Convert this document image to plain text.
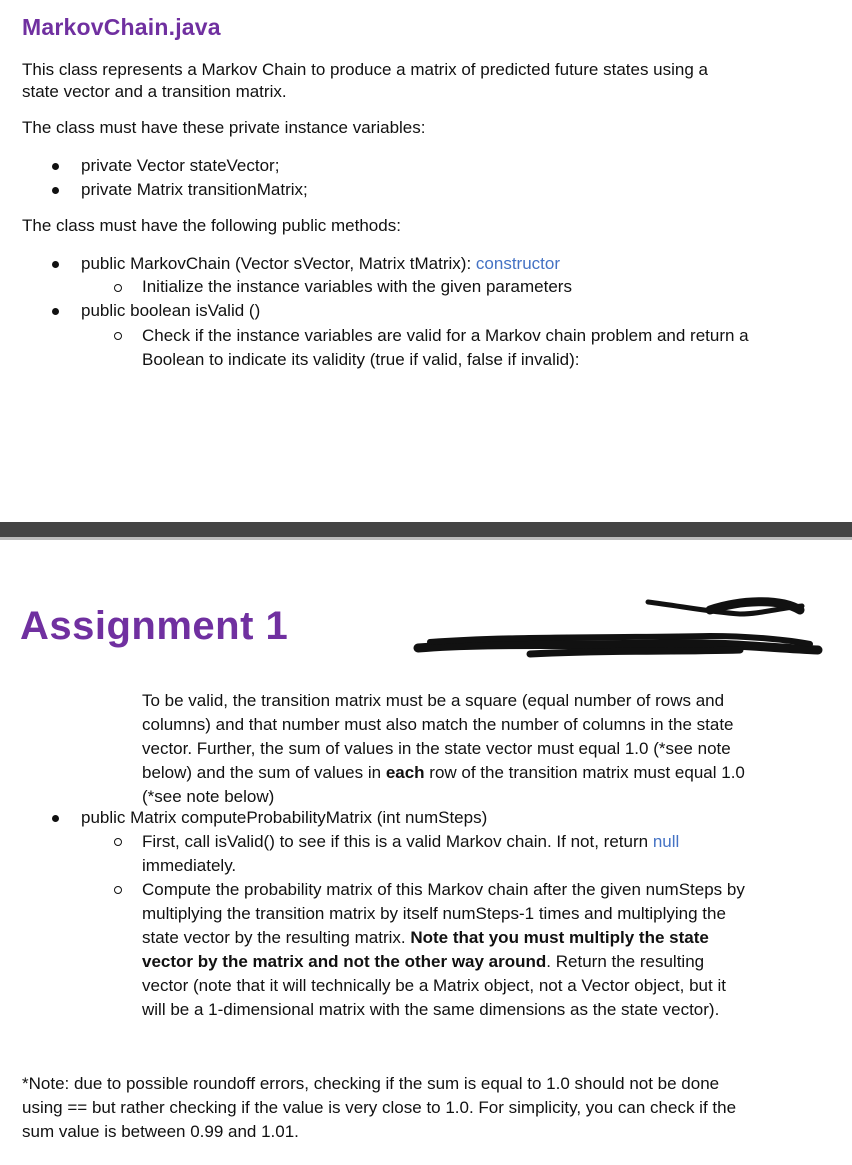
MarkovChain.java
This class represents a Markov Chain to produce a matrix of predicted future states using a
state vector and a transition matrix.
The class must have these private instance variables:
private Vector stateVector;
private Matrix transitionMatrix;
The class must have the following public methods:
public MarkovChain (Vector sVector, Matrix tMatrix): constructor
Initialize the instance variables with the given parameters
public boolean isValid ()
Check if the instance variables are valid for a Markov chain problem and return a
Boolean to indicate its validity (true if valid, false if invalid):
Assignment 1
To be valid, the transition matrix must be a square (equal number of rows and
columns) and that number must also match the number of columns in the state
vector. Further, the sum of values in the state vector must equal 1.0 (*see note
below) and the sum of values in each row of the transition matrix must equal 1.0
(*see note below)
public Matrix computeProbabilityMatrix (int numSteps)
First, call isValid() to see if this is a valid Markov chain. If not, return null
immediately.
Compute the probability matrix of this Markov chain after the given numSteps by
multiplying the transition matrix by itself numSteps-1 times and multiplying the
state vector by the resulting matrix. Note that you must multiply the state
vector by the matrix and not the other way around. Return the resulting
vector (note that it will technically be a Matrix object, not a Vector object, but it
will be a 1-dimensional matrix with the same dimensions as the state vector).
*Note: due to possible roundoff errors, checking if the sum is equal to 1.0 should not be done
using == but rather checking if the value is very close to 1.0. For simplicity, you can check if the
sum value is between 0.99 and 1.01.
